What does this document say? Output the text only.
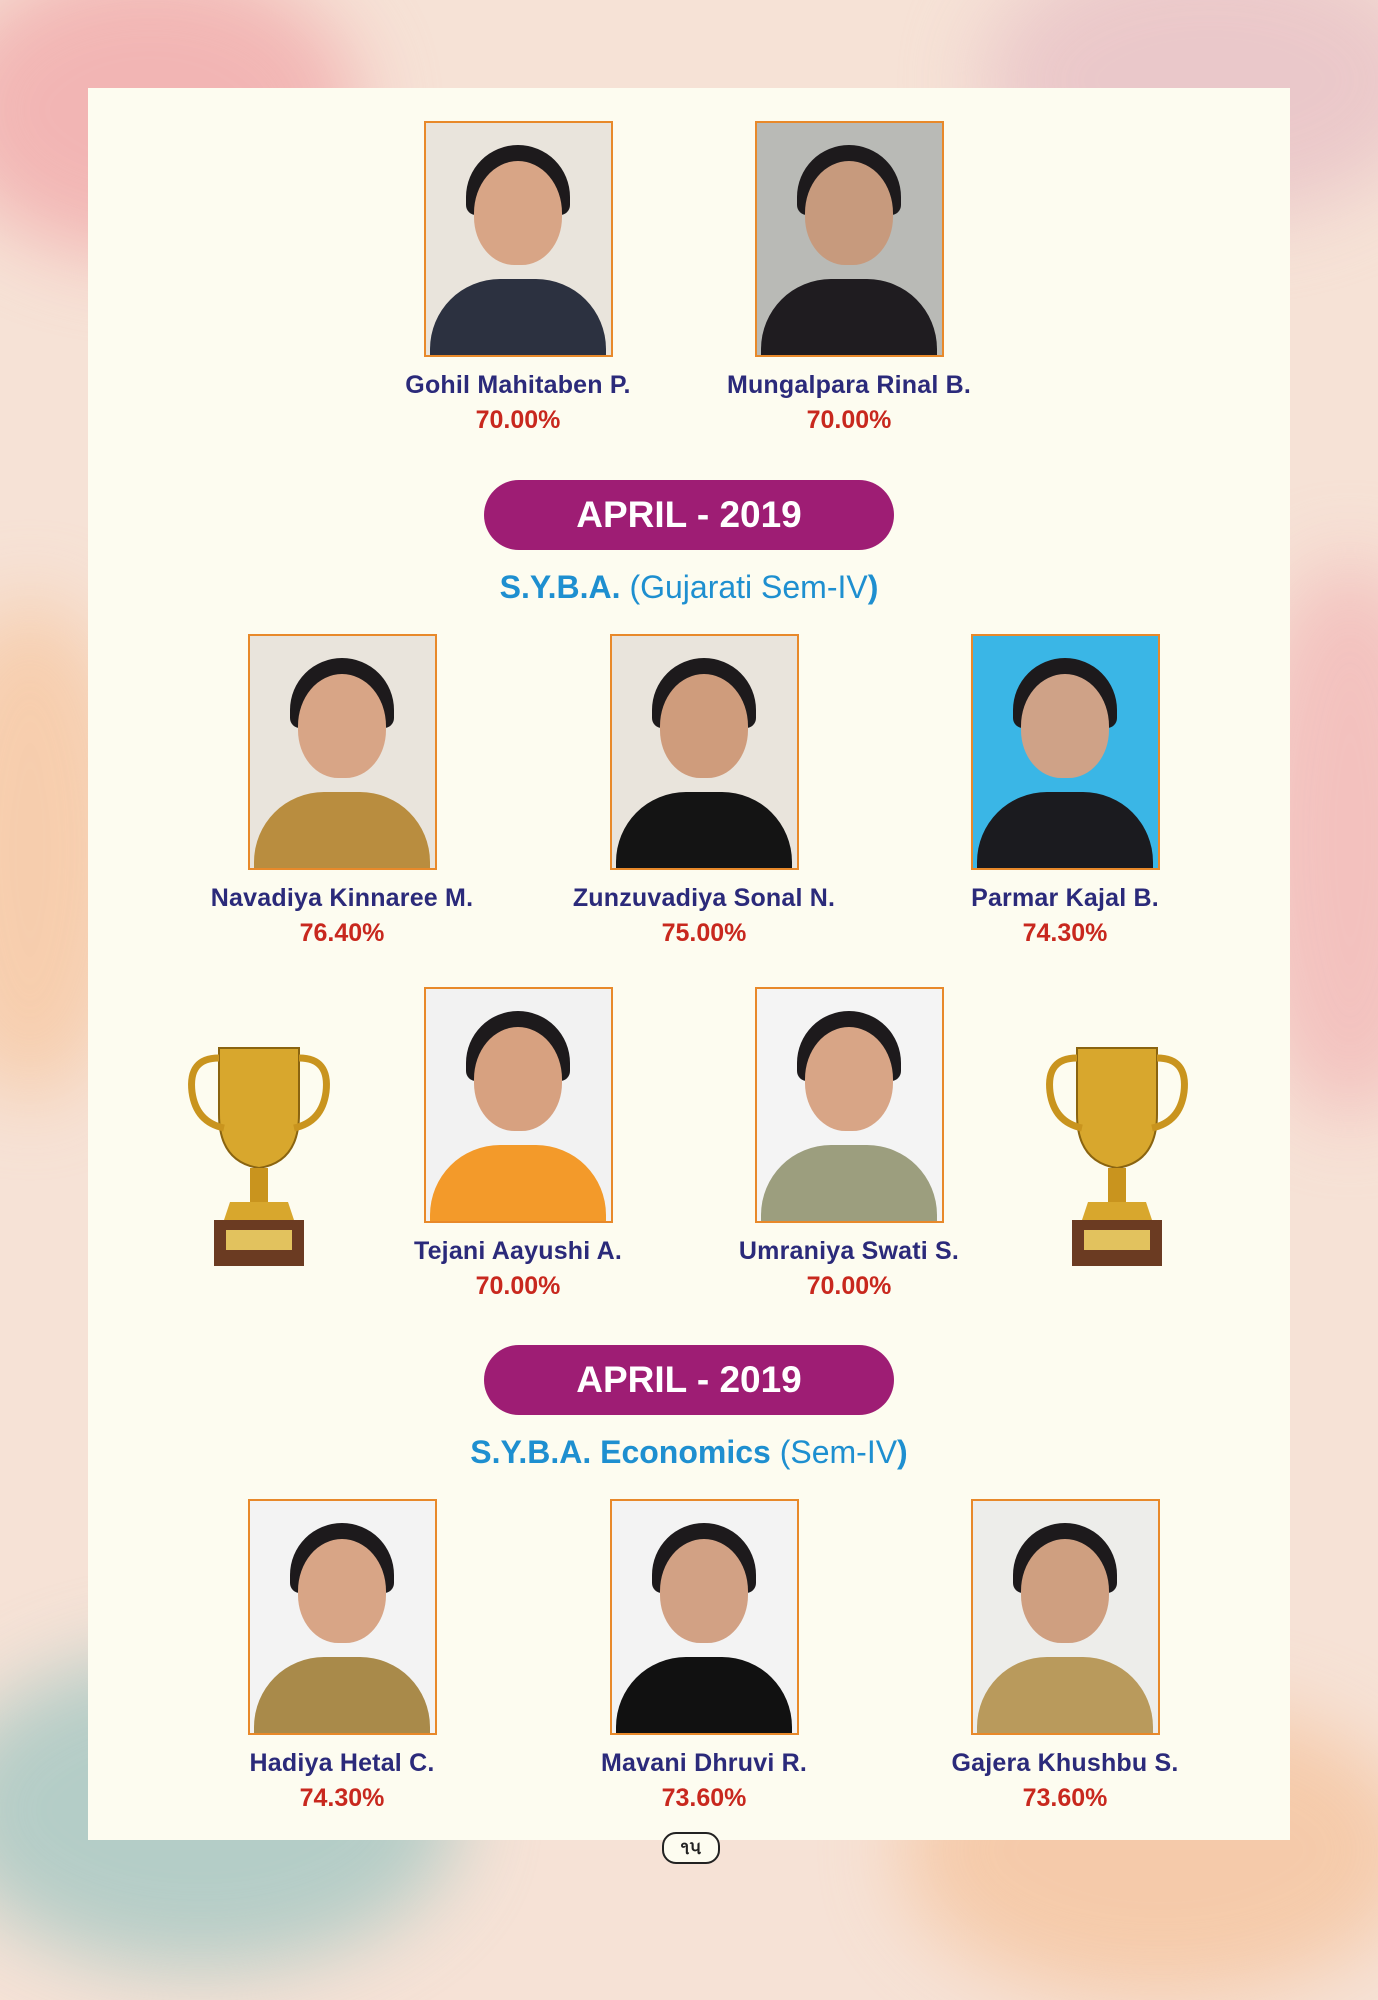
Gohil Mahitaben P.
70.00%
Mungalpara Rinal B.
70.00%
APRIL - 2019
S.Y.B.A. (Gujarati Sem-IV)
Navadiya Kinnaree M.
76.40%
Zunzuvadiya Sonal N.
75.00%
Parmar Kajal B.
74.30%
Tejani Aayushi A.
70.00%
Umraniya Swati S.
70.00%
APRIL - 2019
S.Y.B.A. Economics (Sem-IV)
Hadiya Hetal C.
74.30%
Mavani Dhruvi R.
73.60%
Gajera Khushbu S.
73.60%
૧૫
